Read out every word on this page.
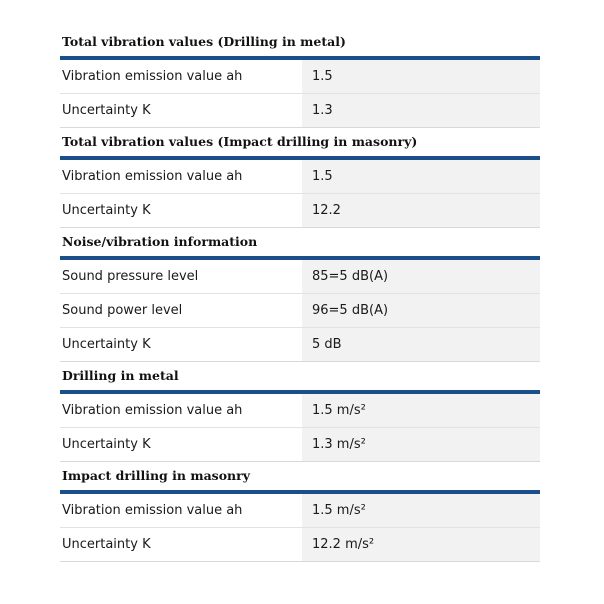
Total vibration values (Drilling in metal)
Vibration emission value ah	1.5
Uncertainty K	1.3
Total vibration values (Impact drilling in masonry)
Vibration emission value ah	1.5
Uncertainty K	12.2
Noise/vibration information
Sound pressure level	85=5 dB(A)
Sound power level	96=5 dB(A)
Uncertainty K	5 dB
Drilling in metal
Vibration emission value ah	1.5 m/s²
Uncertainty K	1.3 m/s²
Impact drilling in masonry
Vibration emission value ah	1.5 m/s²
Uncertainty K	12.2 m/s²
